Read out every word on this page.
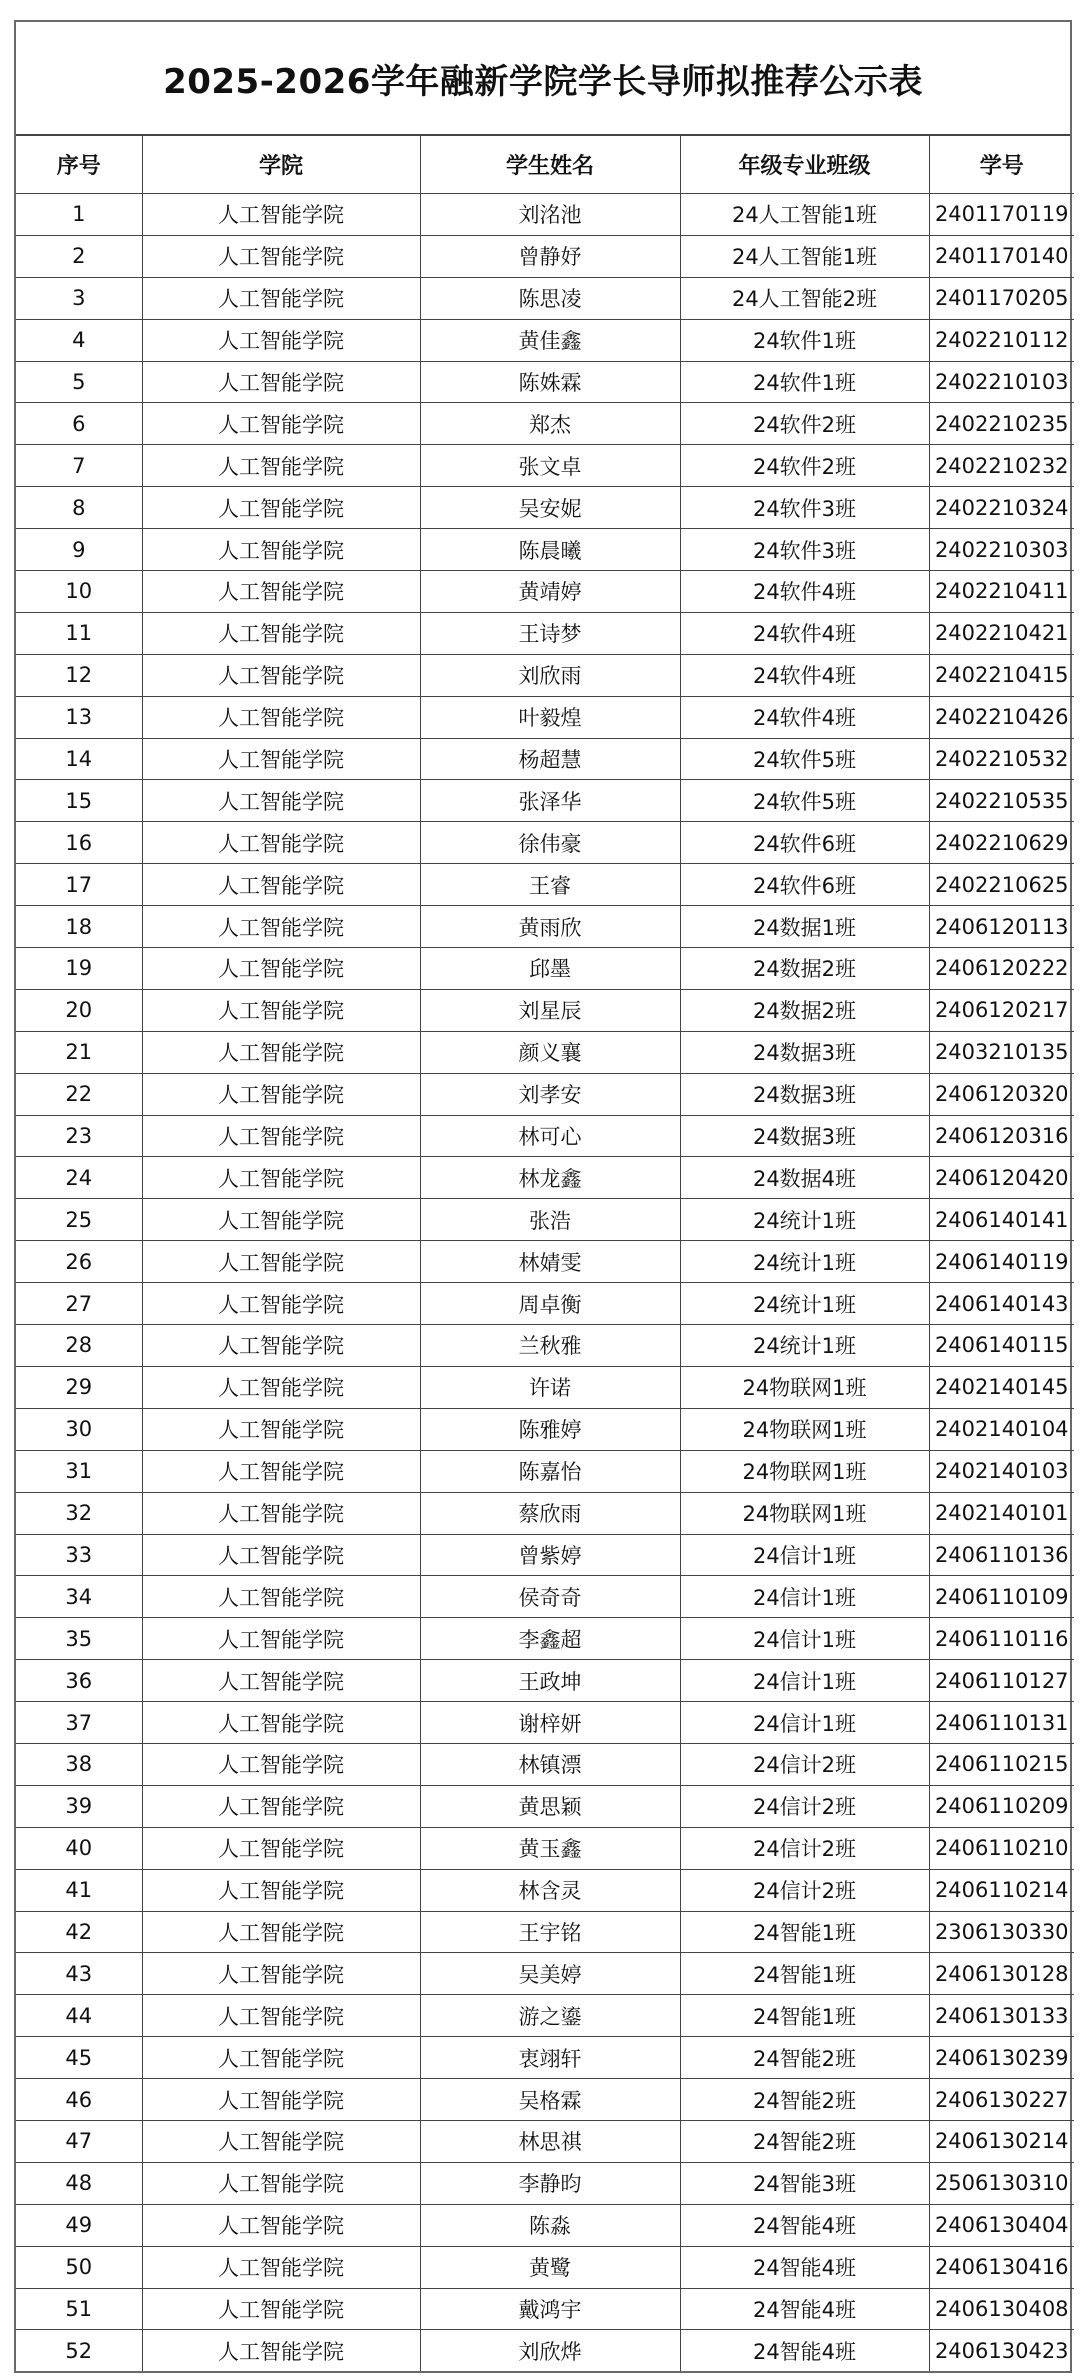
2025-2026学年融新学院学长导师拟推荐公示表
序号	学院	学生姓名	年级专业班级	学号
1	人工智能学院	刘洺池	24人工智能1班	2401170119
2	人工智能学院	曾静妤	24人工智能1班	2401170140
3	人工智能学院	陈思凌	24人工智能2班	2401170205
4	人工智能学院	黄佳鑫	24软件1班	2402210112
5	人工智能学院	陈姝霖	24软件1班	2402210103
6	人工智能学院	郑杰	24软件2班	2402210235
7	人工智能学院	张文卓	24软件2班	2402210232
8	人工智能学院	吴安妮	24软件3班	2402210324
9	人工智能学院	陈晨曦	24软件3班	2402210303
10	人工智能学院	黄靖婷	24软件4班	2402210411
11	人工智能学院	王诗梦	24软件4班	2402210421
12	人工智能学院	刘欣雨	24软件4班	2402210415
13	人工智能学院	叶毅煌	24软件4班	2402210426
14	人工智能学院	杨超慧	24软件5班	2402210532
15	人工智能学院	张泽华	24软件5班	2402210535
16	人工智能学院	徐伟豪	24软件6班	2402210629
17	人工智能学院	王睿	24软件6班	2402210625
18	人工智能学院	黄雨欣	24数据1班	2406120113
19	人工智能学院	邱墨	24数据2班	2406120222
20	人工智能学院	刘星辰	24数据2班	2406120217
21	人工智能学院	颜义襄	24数据3班	2403210135
22	人工智能学院	刘孝安	24数据3班	2406120320
23	人工智能学院	林可心	24数据3班	2406120316
24	人工智能学院	林龙鑫	24数据4班	2406120420
25	人工智能学院	张浩	24统计1班	2406140141
26	人工智能学院	林婧雯	24统计1班	2406140119
27	人工智能学院	周卓衡	24统计1班	2406140143
28	人工智能学院	兰秋雅	24统计1班	2406140115
29	人工智能学院	许诺	24物联网1班	2402140145
30	人工智能学院	陈雅婷	24物联网1班	2402140104
31	人工智能学院	陈嘉怡	24物联网1班	2402140103
32	人工智能学院	蔡欣雨	24物联网1班	2402140101
33	人工智能学院	曾紫婷	24信计1班	2406110136
34	人工智能学院	侯奇奇	24信计1班	2406110109
35	人工智能学院	李鑫超	24信计1班	2406110116
36	人工智能学院	王政坤	24信计1班	2406110127
37	人工智能学院	谢梓妍	24信计1班	2406110131
38	人工智能学院	林镇漂	24信计2班	2406110215
39	人工智能学院	黄思颖	24信计2班	2406110209
40	人工智能学院	黄玉鑫	24信计2班	2406110210
41	人工智能学院	林含灵	24信计2班	2406110214
42	人工智能学院	王宇铭	24智能1班	2306130330
43	人工智能学院	吴美婷	24智能1班	2406130128
44	人工智能学院	游之鎏	24智能1班	2406130133
45	人工智能学院	衷翊轩	24智能2班	2406130239
46	人工智能学院	吴格霖	24智能2班	2406130227
47	人工智能学院	林思祺	24智能2班	2406130214
48	人工智能学院	李静昀	24智能3班	2506130310
49	人工智能学院	陈淼	24智能4班	2406130404
50	人工智能学院	黄鹭	24智能4班	2406130416
51	人工智能学院	戴鸿宇	24智能4班	2406130408
52	人工智能学院	刘欣烨	24智能4班	2406130423
